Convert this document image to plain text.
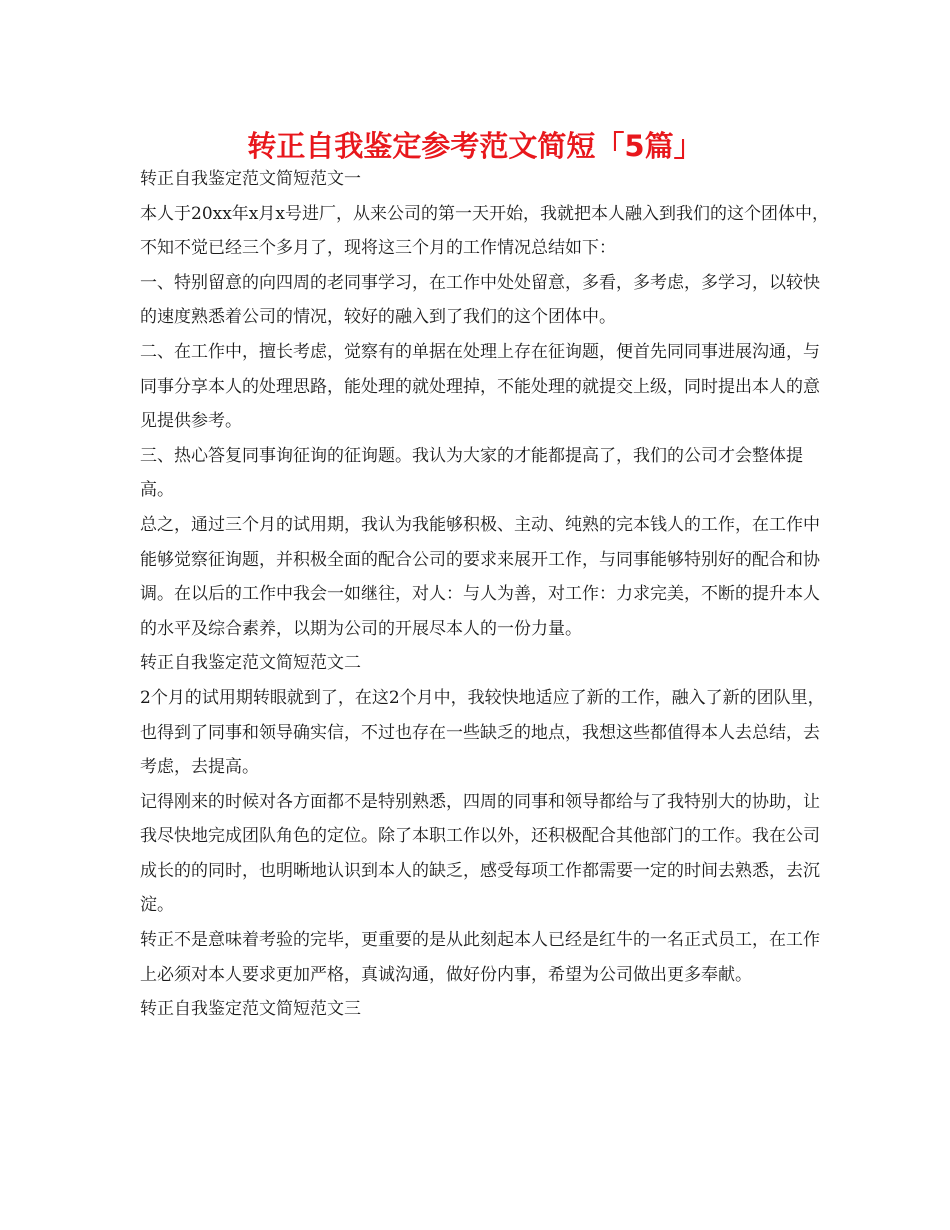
转正自我鉴定参考范文简短「5篇」

转正自我鉴定范文简短范文一

本人于20xx年x月x号进厂，从来公司的第一天开始，我就把本人融入到我们的这个团体中，不知不觉已经三个多月了，现将这三个月的工作情况总结如下：

一、特别留意的向四周的老同事学习，在工作中处处留意，多看，多考虑，多学习，以较快的速度熟悉着公司的情况，较好的融入到了我们的这个团体中。

二、在工作中，擅长考虑，觉察有的单据在处理上存在征询题，便首先同同事进展沟通，与同事分享本人的处理思路，能处理的就处理掉，不能处理的就提交上级，同时提出本人的意见提供参考。

三、热心答复同事询征询的征询题。我认为大家的才能都提高了，我们的公司才会整体提高。

总之，通过三个月的试用期，我认为我能够积极、主动、纯熟的完本钱人的工作，在工作中能够觉察征询题，并积极全面的配合公司的要求来展开工作，与同事能够特别好的配合和协调。在以后的工作中我会一如继往，对人：与人为善，对工作：力求完美，不断的提升本人的水平及综合素养，以期为公司的开展尽本人的一份力量。

转正自我鉴定范文简短范文二

2个月的试用期转眼就到了，在这2个月中，我较快地适应了新的工作，融入了新的团队里，也得到了同事和领导确实信，不过也存在一些缺乏的地点，我想这些都值得本人去总结，去考虑，去提高。

记得刚来的时候对各方面都不是特别熟悉，四周的同事和领导都给与了我特别大的协助，让我尽快地完成团队角色的定位。除了本职工作以外，还积极配合其他部门的工作。我在公司成长的的同时，也明晰地认识到本人的缺乏，感受每项工作都需要一定的时间去熟悉，去沉淀。

转正不是意味着考验的完毕，更重要的是从此刻起本人已经是红牛的一名正式员工，在工作上必须对本人要求更加严格，真诚沟通，做好份内事，希望为公司做出更多奉献。

转正自我鉴定范文简短范文三
